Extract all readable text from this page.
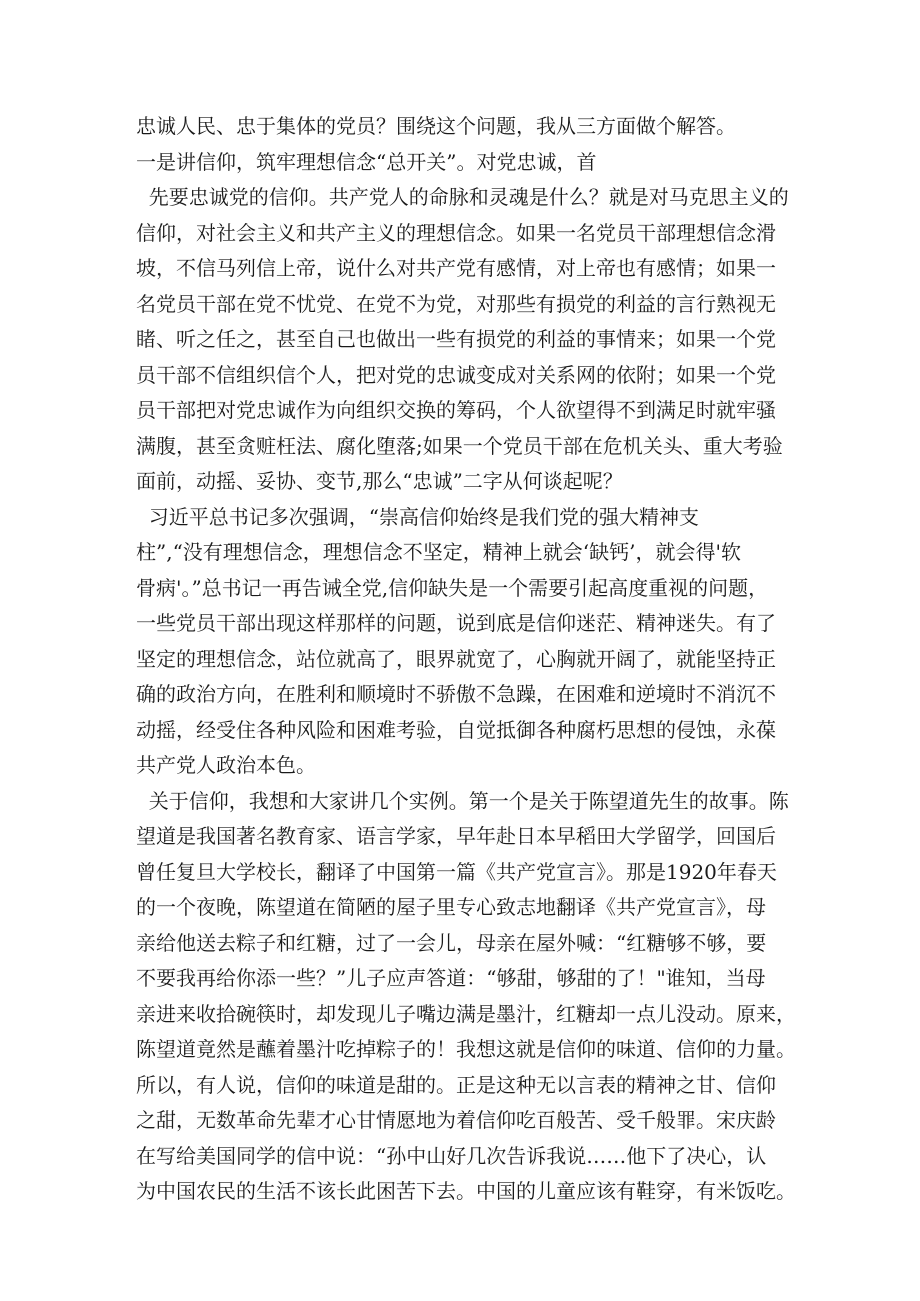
忠诚人民、忠于集体的党员？围绕这个问题，我从三方面做个解答。
一是讲信仰，筑牢理想信念“总开关”。对党忠诚，首
先要忠诚党的信仰。共产党人的命脉和灵魂是什么？就是对马克思主义的
信仰，对社会主义和共产主义的理想信念。如果一名党员干部理想信念滑
坡，不信马列信上帝，说什么对共产党有感情，对上帝也有感情；如果一
名党员干部在党不忧党、在党不为党，对那些有损党的利益的言行熟视无
睹、听之任之，甚至自己也做出一些有损党的利益的事情来；如果一个党
员干部不信组织信个人，把对党的忠诚变成对关系网的依附；如果一个党
员干部把对党忠诚作为向组织交换的筹码，个人欲望得不到满足时就牢骚
满腹，甚至贪赃枉法、腐化堕落;如果一个党员干部在危机关头、重大考验
面前，动摇、妥协、变节,那么“忠诚”二字从何谈起呢？
习近平总书记多次强调，“崇高信仰始终是我们党的强大精神支
柱”,“没有理想信念，理想信念不坚定，精神上就会‘缺钙’，就会得'软
骨病'。”总书记一再告诫全党,信仰缺失是一个需要引起高度重视的问题，
一些党员干部出现这样那样的问题，说到底是信仰迷茫、精神迷失。有了
坚定的理想信念，站位就高了，眼界就宽了，心胸就开阔了，就能坚持正
确的政治方向，在胜利和顺境时不骄傲不急躁，在困难和逆境时不消沉不
动摇，经受住各种风险和困难考验，自觉抵御各种腐朽思想的侵蚀，永葆
共产党人政治本色。
关于信仰，我想和大家讲几个实例。第一个是关于陈望道先生的故事。陈
望道是我国著名教育家、语言学家，早年赴日本早稻田大学留学，回国后
曾任复旦大学校长，翻译了中国第一篇《共产党宣言》。那是1920年春天
的一个夜晚，陈望道在简陋的屋子里专心致志地翻译《共产党宣言》，母
亲给他送去粽子和红糖，过了一会儿，母亲在屋外喊：“红糖够不够，要
不要我再给你添一些？”儿子应声答道：“够甜，够甜的了！"谁知，当母
亲进来收拾碗筷时，却发现儿子嘴边满是墨汁，红糖却一点儿没动。原来，
陈望道竟然是蘸着墨汁吃掉粽子的！我想这就是信仰的味道、信仰的力量。
所以，有人说，信仰的味道是甜的。正是这种无以言表的精神之甘、信仰
之甜，无数革命先辈才心甘情愿地为着信仰吃百般苦、受千般罪。宋庆龄
在写给美国同学的信中说：“孙中山好几次告诉我说……他下了决心，认
为中国农民的生活不该长此困苦下去。中国的儿童应该有鞋穿，有米饭吃。
